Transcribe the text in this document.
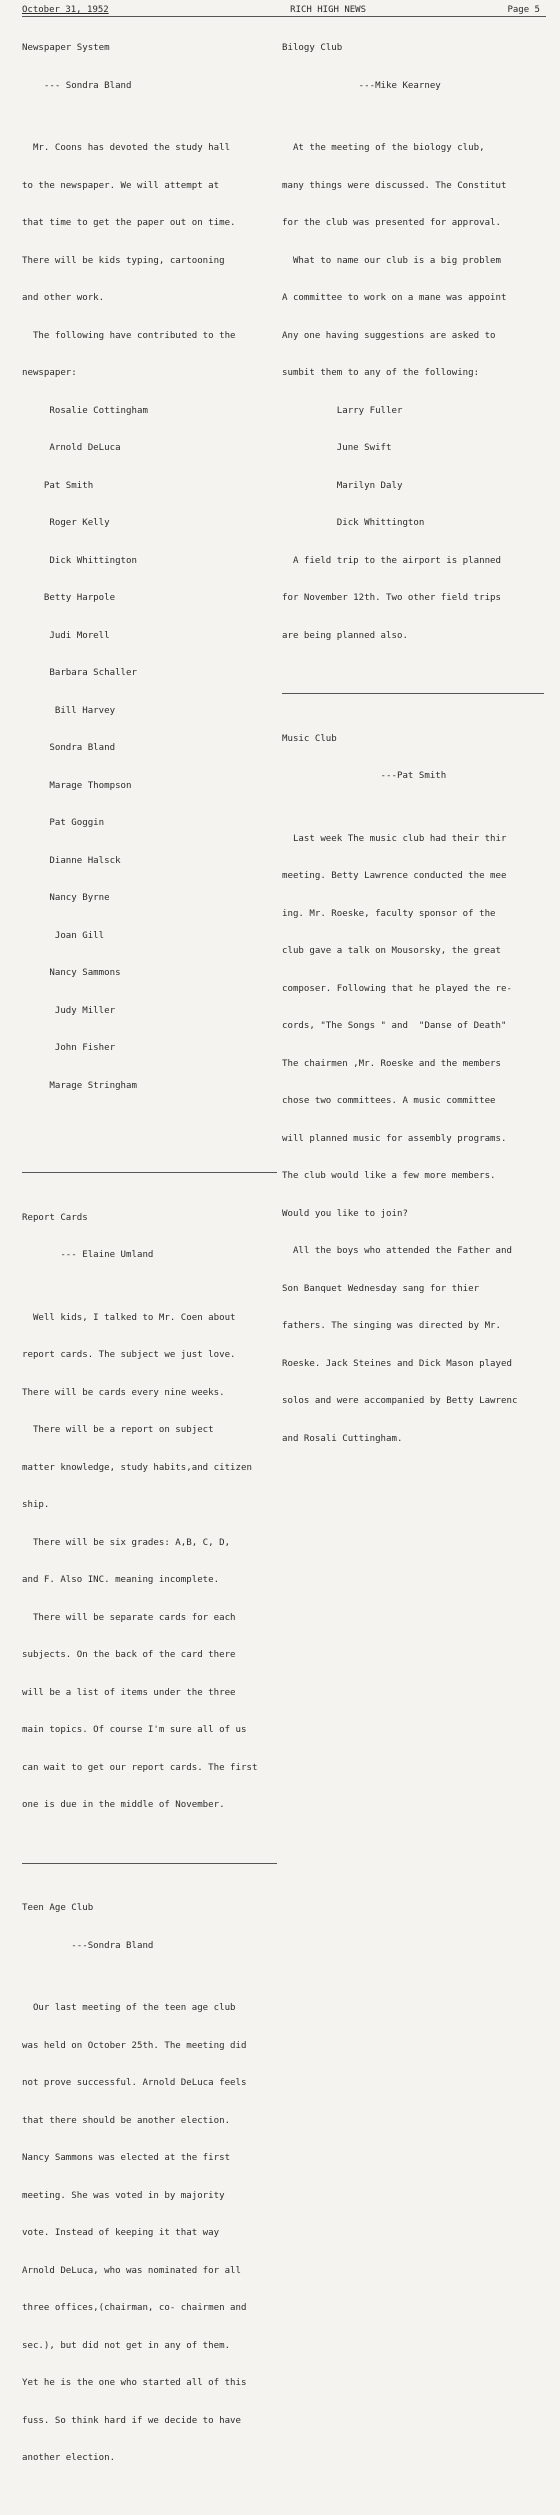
October 31, 1952	RICH HIGH NEWS	Page 5

Newspaper System

--- Sondra Bland

Mr. Coons has devoted the study hall

to the newspaper. We will attempt at

that time to get the paper out on time.

There will be kids typing, cartooning

and other work.

The following have contributed to the

newspaper:

Rosalie Cottingham

Arnold DeLuca

Pat Smith

Roger Kelly

Dick Whittington

Betty Harpole

Judi Morell

Barbara Schaller

Bill Harvey

Sondra Bland

Marage Thompson

Pat Goggin

Dianne Halsck

Nancy Byrne

Joan Gill

Nancy Sammons

Judy Miller

John Fisher

Marage Stringham

Report Cards

--- Elaine Umland

Well kids, I talked to Mr. Coen about

report cards. The subject we just love.

There will be cards every nine weeks.

There will be a report on subject

matter knowledge, study habits,and citizen

ship.

There will be six grades: A,B, C, D,

and F. Also INC. meaning incomplete.

There will be separate cards for each

subjects. On the back of the card there

will be a list of items under the three

main topics. Of course I'm sure all of us

can wait to get our report cards. The first

one is due in the middle of November.

Teen Age Club

---Sondra Bland

Our last meeting of the teen age club

was held on October 25th. The meeting did

not prove successful. Arnold DeLuca feels

that there should be another election.

Nancy Sammons was elected at the first

meeting. She was voted in by majority

vote. Instead of keeping it that way

Arnold DeLuca, who was nominated for all

three offices,(chairman, co- chairmen and

sec.), but did not get in any of them.

Yet he is the one who started all of this

fuss. So think hard if we decide to have

another election.

Bilogy Club

---Mike Kearney

At the meeting of the biology club,

many things were discussed. The Constitut

for the club was presented for approval.

What to name our club is a big problem

A committee to work on a mane was appoint

Any one having suggestions are asked to

sumbit them to any of the following:

Larry Fuller

June Swift

Marilyn Daly

Dick Whittington

A field trip to the airport is planned

for November 12th. Two other field trips

are being planned also.

Music Club

---Pat Smith

Last week The music club had their thir

meeting. Betty Lawrence conducted the mee

ing. Mr. Roeske, faculty sponsor of the

club gave a talk on Mousorsky, the great

composer. Following that he played the re-

cords, "The Songs " and  "Danse of Death"

The chairmen ,Mr. Roeske and the members

chose two committees. A music committee

will planned music for assembly programs.

The club would like a few more members.

Would you like to join?

All the boys who attended the Father and

Son Banquet Wednesday sang for thier

fathers. The singing was directed by Mr.

Roeske. Jack Steines and Dick Mason played

solos and were accompanied by Betty Lawrenc

and Rosali Cuttingham.
